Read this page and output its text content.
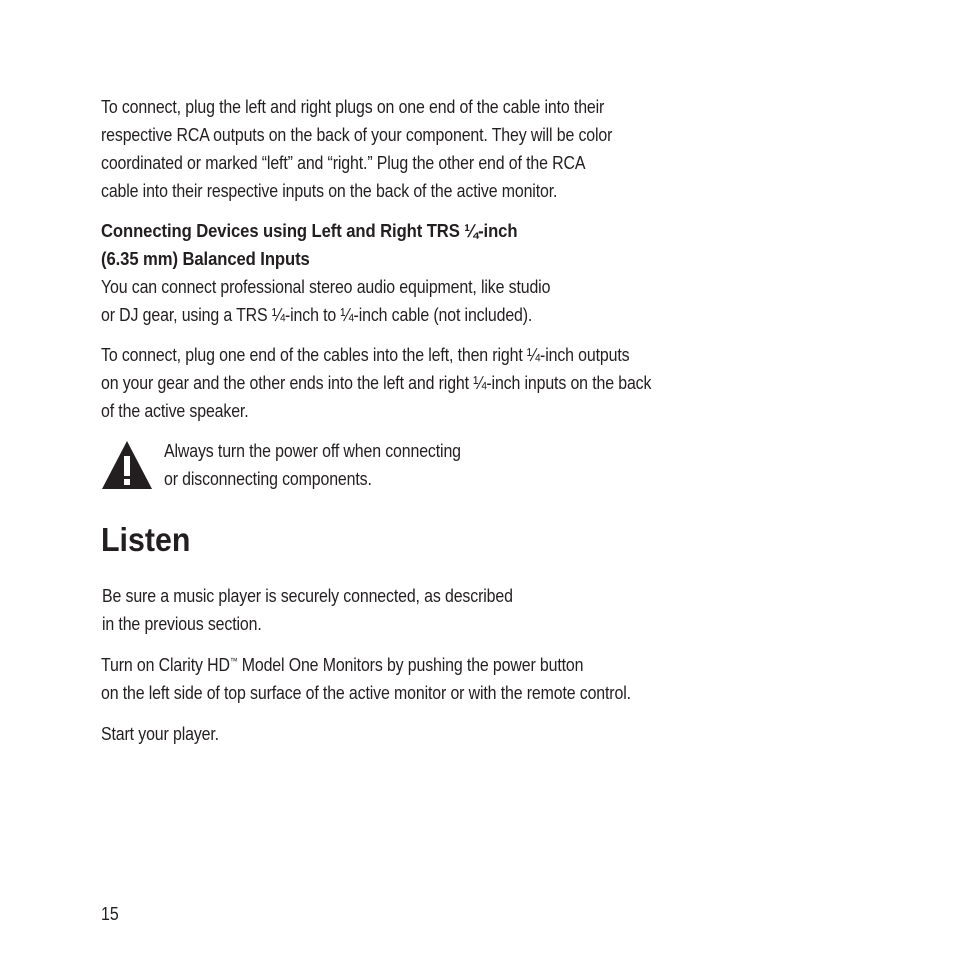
To connect, plug the left and right plugs on one end of the cable into their
respective RCA outputs on the back of your component. They will be color
coordinated or marked “left” and “right.” Plug the other end of the RCA
cable into their respective inputs on the back of the active monitor.

Connecting Devices using Left and Right TRS ¼-inch
(6.35 mm) Balanced Inputs

You can connect professional stereo audio equipment, like studio
or DJ gear, using a TRS ¼-inch to ¼-inch cable (not included).

To connect, plug one end of the cables into the left, then right ¼-inch outputs
on your gear and the other ends into the left and right ¼-inch inputs on the back
of the active speaker.

Always turn the power off when connecting
or disconnecting components.

Listen

Be sure a music player is securely connected, as described
in the previous section.

Turn on Clarity HD™ Model One Monitors by pushing the power button
on the left side of top surface of the active monitor or with the remote control.

Start your player.

15
